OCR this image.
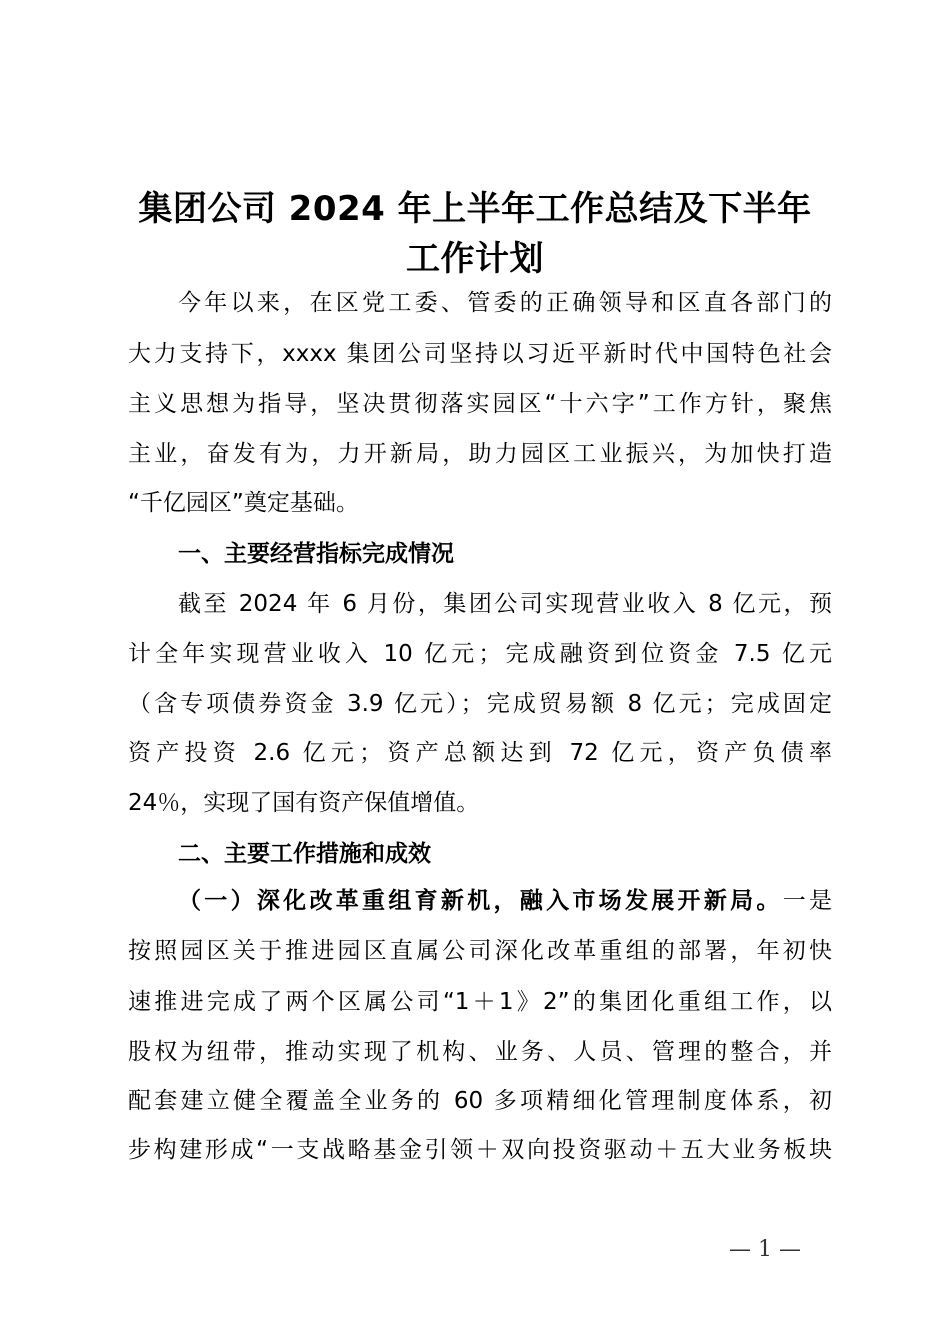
集团公司 2024 年上半年工作总结及下半年
工作计划
今年以来，在区党工委、管委的正确领导和区直各部门的
大力支持下，xxxx 集团公司坚持以习近平新时代中国特色社会
主义思想为指导，坚决贯彻落实园区“十六字”工作方针，聚焦
主业，奋发有为，力开新局，助力园区工业振兴，为加快打造
“千亿园区”奠定基础。
一、主要经营指标完成情况
截至 2024 年 6 月份，集团公司实现营业收入 8 亿元，预
计全年实现营业收入 10 亿元；完成融资到位资金 7.5 亿元
（含专项债券资金 3.9 亿元）；完成贸易额 8 亿元；完成固定
资产投资 2.6 亿元；资产总额达到 72 亿元，资产负债率
24％，实现了国有资产保值增值。
二、主要工作措施和成效
（一）深化改革重组育新机，融入市场发展开新局。一是
按照园区关于推进园区直属公司深化改革重组的部署，年初快
速推进完成了两个区属公司“1＋1》2”的集团化重组工作，以
股权为纽带，推动实现了机构、业务、人员、管理的整合，并
配套建立健全覆盖全业务的 60 多项精细化管理制度体系，初
步构建形成“一支战略基金引领＋双向投资驱动＋五大业务板块
— 1 —
